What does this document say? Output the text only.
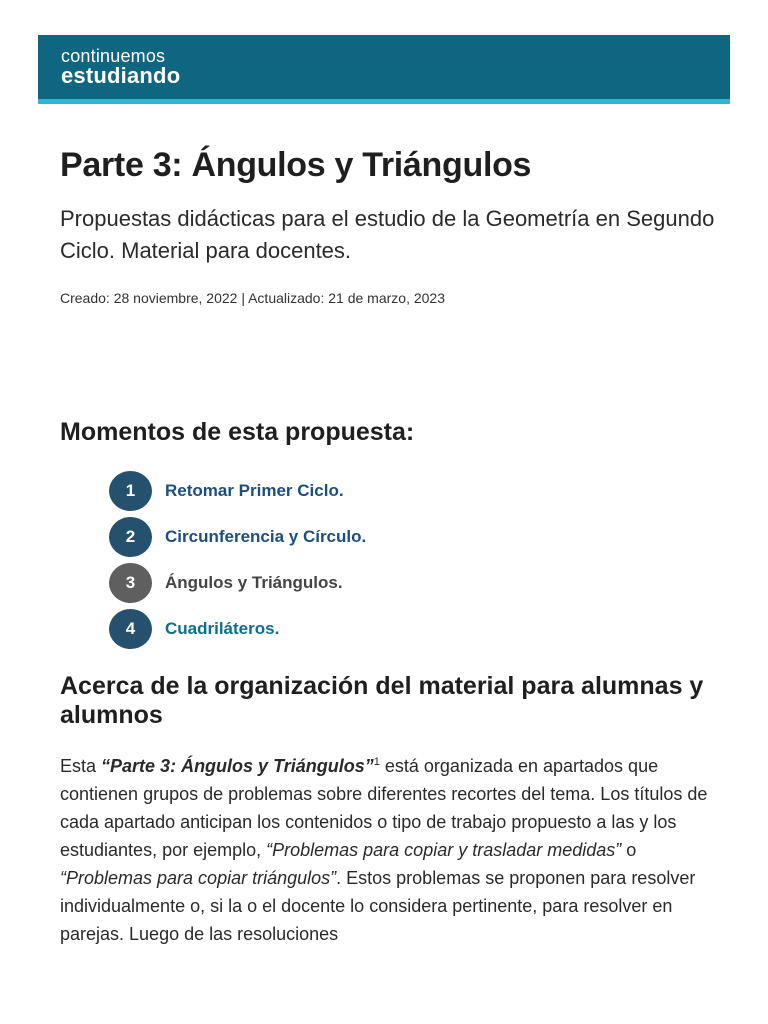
continuemos
estudiando
Parte 3: Ángulos y Triángulos

Propuestas didácticas para el estudio de la Geometría en Segundo Ciclo. Material para docentes.

Creado: 28 noviembre, 2022 | Actualizado: 21 de marzo, 2023

Momentos de esta propuesta:
1	Retomar Primer Ciclo.
2	Circunferencia y Círculo.
3	Ángulos y Triángulos.
4	Cuadriláteros.
Acerca de la organización del material para alumnas y alumnos

Esta “Parte 3: Ángulos y Triángulos”$^1$ está organizada en apartados que contienen grupos de problemas sobre diferentes recortes del tema. Los títulos de cada apartado anticipan los contenidos o tipo de trabajo propuesto a las y los estudiantes, por ejemplo, “Problemas para copiar y trasladar medidas” o “Problemas para copiar triángulos”. Estos problemas se proponen para resolver individualmente o, si la o el docente lo considera pertinente, para resolver en parejas. Luego de las resoluciones
